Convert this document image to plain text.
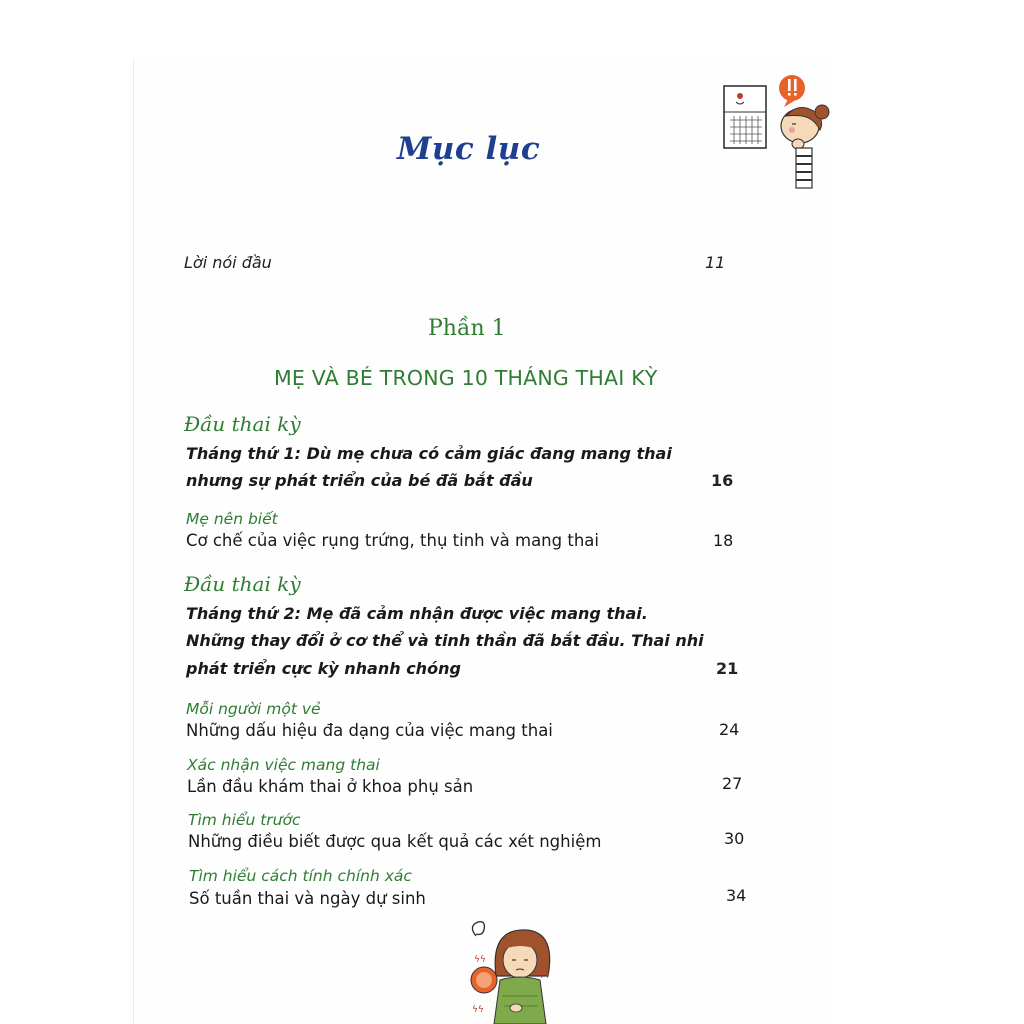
Mục lục
Lời nói đầu	11
Phần 1
MẸ VÀ BÉ TRONG 10 THÁNG THAI KỲ
Đầu thai kỳ
Tháng thứ 1: Dù mẹ chưa có cảm giác đang mang thai
nhưng sự phát triển của bé đã bắt đầu	16
Mẹ nên biết
Cơ chế của việc rụng trứng, thụ tinh và mang thai	18
Đầu thai kỳ
Tháng thứ 2: Mẹ đã cảm nhận được việc mang thai.
Những thay đổi ở cơ thể và tinh thần đã bắt đầu. Thai nhi
phát triển cực kỳ nhanh chóng	21
Mỗi người một vẻ
Những dấu hiệu đa dạng của việc mang thai	24
Xác nhận việc mang thai
Lần đầu khám thai ở khoa phụ sản	27
Tìm hiểu trước
Những điều biết được qua kết quả các xét nghiệm	30
Tìm hiểu cách tính chính xác
Số tuần thai và ngày dự sinh	34
ϟϟ
ϟϟ
ϟϟ
